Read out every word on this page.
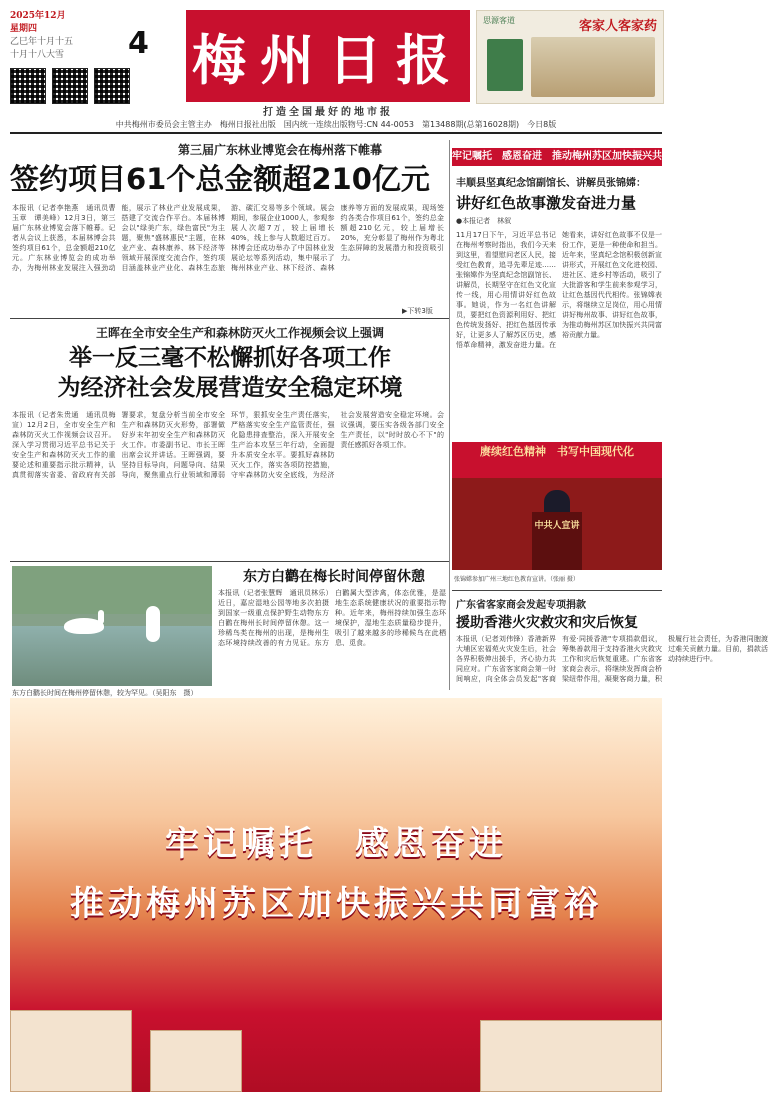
2025年12月
星期四
乙巳年十月十五
十月十八大雪	4 梅州日报
打造全国最好的地市报
思源客道	客家人客家药
中共梅州市委员会主管主办　梅州日报社出版　国内统一连续出版物号:CN 44-0053　第13488期(总第16028期)　今日8版
第三届广东林业博览会在梅州落下帷幕
签约项目61个总金额超210亿元
本报讯（记者李艳燕　通讯员曹玉章　谭美峰）12月3日，第三届广东林业博览会落下帷幕。记者从会议上获悉，本届林博会共签约项目61个，总金额超210亿元。广东林业博览会的成功举办，为梅州林业发展注入强劲动能，展示了林业产业发展成果，搭建了交流合作平台。本届林博会以"绿美广东，绿色富民"为主题，聚焦"盛林惠民"主题，在林业产业、森林康养、林下经济等领域开展深度交流合作，签约项目涵盖林业产业化、森林生态旅游、碳汇交易等多个领域。展会期间，参展企业1000人，参观参展人次超7万，较上届增长40%，线上参与人数超过百万。林博会还成功举办了中国林业发展论坛等系列活动，集中展示了梅州林业产业、林下经济、森林康养等方面的发展成果，现场签约各类合作项目61个，签约总金额超210亿元，较上届增长20%，充分彰显了梅州作为粤北生态屏障的发展潜力和投资吸引力。
▶下转3版
王晖在全市安全生产和森林防灭火工作视频会议上强调
举一反三毫不松懈抓好各项工作
为经济社会发展营造安全稳定环境
本报讯（记者朱贵通　通讯员梅宣）12月2日，全市安全生产和森林防灭火工作视频会议召开。深入学习贯彻习近平总书记关于安全生产和森林防灭火工作的重要论述和重要指示批示精神，认真贯彻落实省委、省政府有关部署要求，复盘分析当前全市安全生产和森林防灭火形势，部署做好岁末年初安全生产和森林防灭火工作。市委副书记、市长王晖出席会议并讲话。王晖强调，要坚持目标导向，问题导向、结果导向，聚焦重点行业领域和薄弱环节，狠抓安全生产责任落实，严格落实安全生产监管责任，强化隐患排查整治，深入开展安全生产治本攻坚三年行动，全面提升本质安全水平。要抓好森林防灭火工作，落实各项防控措施，守牢森林防火安全底线，为经济社会发展营造安全稳定环境。会议强调，要压实各级各部门安全生产责任，以"时时放心不下"的责任感抓好各项工作。
东方白鹳长时间在梅州停留休憩，较为罕见。（吴阳东　摄）
东方白鹳在梅长时间停留休憩
本报讯（记者张慧辉　通讯员林乐）近日，嘉应湿地公园等地多次拍摄到国家一级重点保护野生动物东方白鹳在梅州长时间停留休憩。这一珍稀鸟类在梅州的出现，是梅州生态环境持续改善的有力见证。东方白鹳属大型涉禽，体态优雅，是湿地生态系统健康状况的重要指示物种。近年来，梅州持续加强生态环境保护，湿地生态质量稳步提升，吸引了越来越多的珍稀候鸟在此栖息、觅食。
牢记嘱托　感恩奋进　推动梅州苏区加快振兴共同富裕
丰顺县坚真纪念馆副馆长、讲解员张锦嫦：
讲好红色故事激发奋进力量
●本报记者　林叙
11月17日下午，习近平总书记在梅州考察时指出，我们今天来到这里，看望慰问老区人民，接受红色教育，追寻先辈足迹……张锦嫦作为坚真纪念馆副馆长、讲解员，长期坚守在红色文化宣传一线，用心用情讲好红色故事。她说，作为一名红色讲解员，要把红色资源利用好、把红色传统发扬好、把红色基因传承好，让更多人了解苏区历史，感悟革命精神，激发奋进力量。在她看来，讲好红色故事不仅是一份工作，更是一种使命和担当。近年来，坚真纪念馆积极创新宣讲形式，开展红色文化进校园、进社区、进乡村等活动，吸引了大批游客和学生前来参观学习，让红色基因代代相传。张锦嫦表示，将继续立足岗位，用心用情讲好梅州故事、讲好红色故事，为推动梅州苏区加快振兴共同富裕贡献力量。
赓续红色精神　书写中国现代化
中共人宣讲
张锦嫦参加广州三地红色教育宣讲。（张丽 摄）
广东省客家商会发起专项捐款
援助香港火灾救灾和灾后恢复
本报讯（记者刘伟锋）香港新界大埔区宏福苑火灾发生后，社会各界积极伸出援手，齐心协力共同应对。广东省客家商会第一时间响应，向全体会员发起"客商有爱·同援香港"专项捐款倡议，筹集善款用于支持香港火灾救灾工作和灾后恢复重建。广东省客家商会表示，将继续发挥商会桥梁纽带作用，凝聚客商力量，积极履行社会责任，为香港同胞渡过难关贡献力量。目前，捐款活动持续进行中。
牢记嘱托　感恩奋进
推动梅州苏区加快振兴共同富裕
